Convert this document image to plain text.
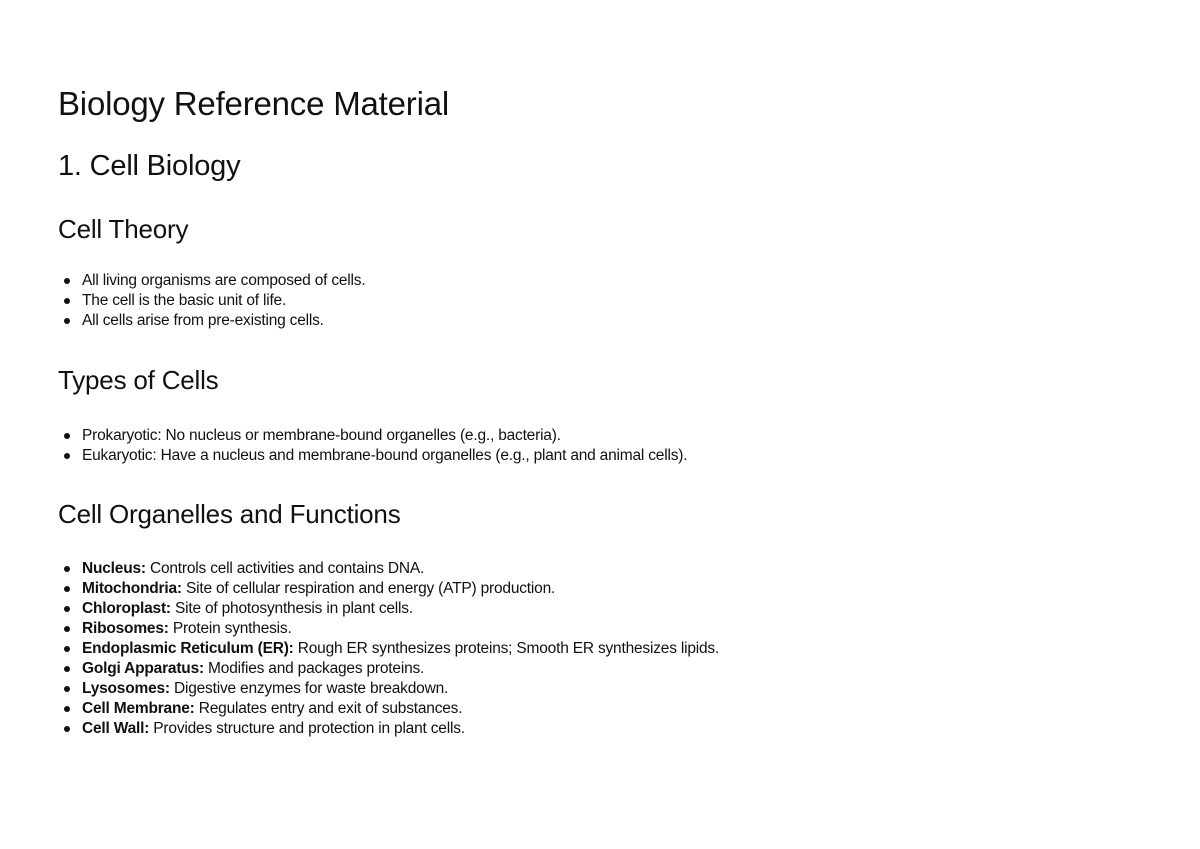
Biology Reference Material
1. Cell Biology
Cell Theory
All living organisms are composed of cells.
The cell is the basic unit of life.
All cells arise from pre-existing cells.
Types of Cells
Prokaryotic: No nucleus or membrane-bound organelles (e.g., bacteria).
Eukaryotic: Have a nucleus and membrane-bound organelles (e.g., plant and animal cells).
Cell Organelles and Functions
Nucleus: Controls cell activities and contains DNA.
Mitochondria: Site of cellular respiration and energy (ATP) production.
Chloroplast: Site of photosynthesis in plant cells.
Ribosomes: Protein synthesis.
Endoplasmic Reticulum (ER): Rough ER synthesizes proteins; Smooth ER synthesizes lipids.
Golgi Apparatus: Modifies and packages proteins.
Lysosomes: Digestive enzymes for waste breakdown.
Cell Membrane: Regulates entry and exit of substances.
Cell Wall: Provides structure and protection in plant cells.
